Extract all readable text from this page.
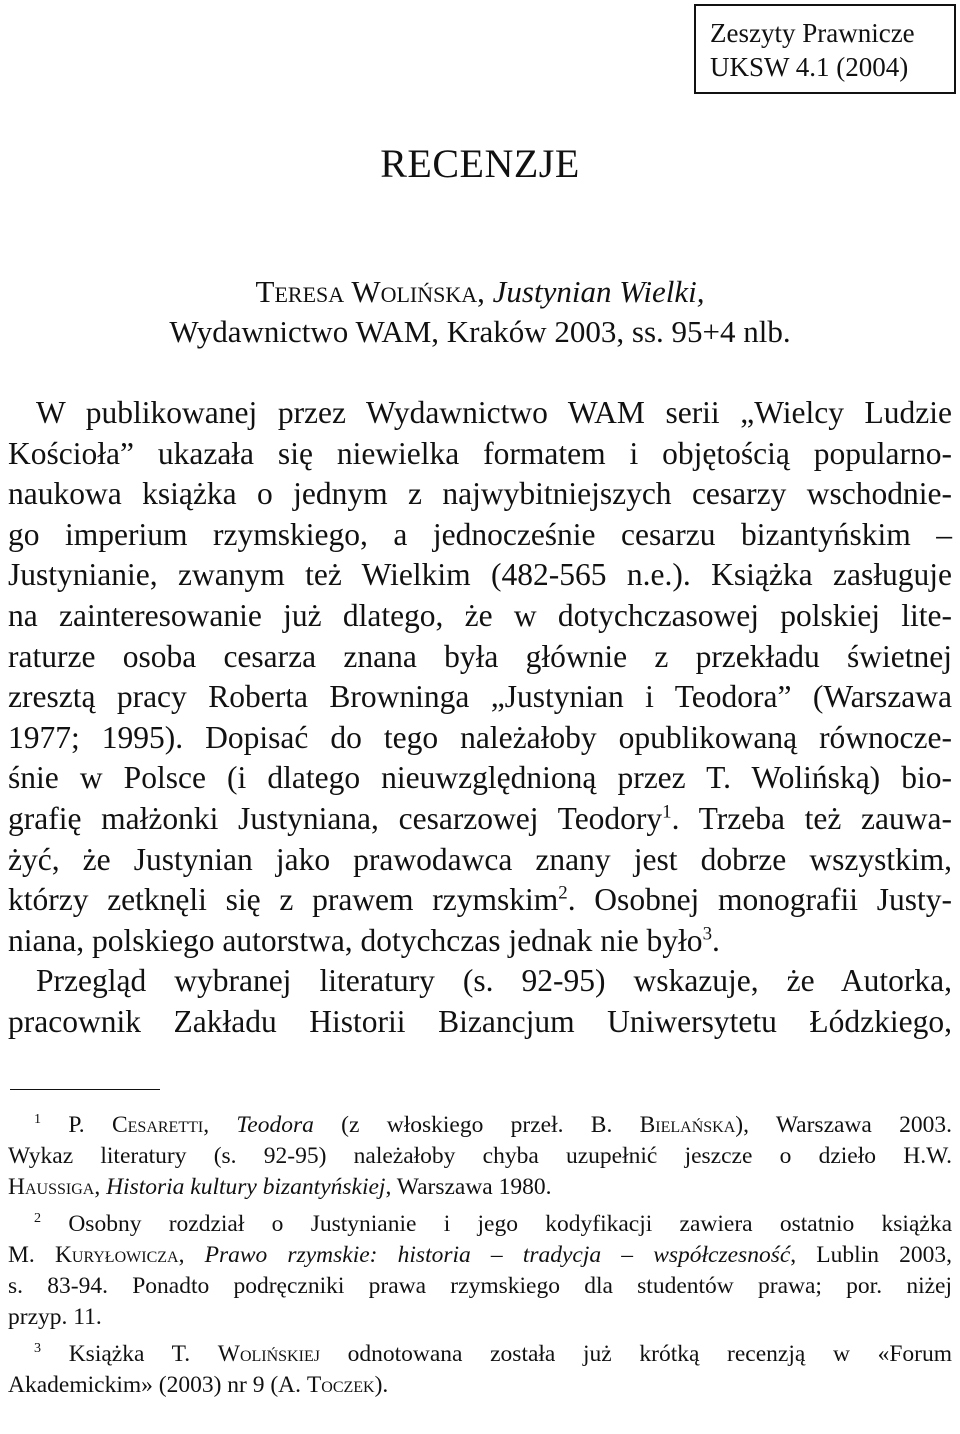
Zeszyty Prawnicze
UKSW 4.1 (2004)
RECENZJE
Teresa Wolińska, Justynian Wielki,
Wydawnictwo WAM, Kraków 2003, ss. 95+4 nlb.
W publikowanej przez Wydawnictwo WAM serii „Wielcy Ludzie
Kościoła” ukazała się niewielka formatem i objętością popularno-
naukowa książka o jednym z najwybitniejszych cesarzy wschodnie-
go imperium rzymskiego, a jednocześnie cesarzu bizantyńskim –
Justynianie, zwanym też Wielkim (482-565 n.e.). Książka zasługuje
na zainteresowanie już dlatego, że w dotychczasowej polskiej lite-
raturze osoba cesarza znana była głównie z przekładu świetnej
zresztą pracy Roberta Browninga „Justynian i Teodora” (Warszawa
1977; 1995). Dopisać do tego należałoby opublikowaną równocze-
śnie w Polsce (i dlatego nieuwzględnioną przez T. Wolińską) bio-
grafię małżonki Justyniana, cesarzowej Teodory$^1$. Trzeba też zauwa-
żyć, że Justynian jako prawodawca znany jest dobrze wszystkim,
którzy zetknęli się z prawem rzymskim$^2$. Osobnej monografii Justy-
niana, polskiego autorstwa, dotychczas jednak nie było$^3$.
Przegląd wybranej literatury (s. 92-95) wskazuje, że Autorka,
pracownik Zakładu Historii Bizancjum Uniwersytetu Łódzkiego,
$^1$ P. Cesaretti, Teodora (z włoskiego przeł. B. Bielańska), Warszawa 2003.
Wykaz literatury (s. 92-95) należałoby chyba uzupełnić jeszcze o dzieło H.W.
Haussiga, Historia kultury bizantyńskiej, Warszawa 1980.
$^2$ Osobny rozdział o Justynianie i jego kodyfikacji zawiera ostatnio książka
M. Kuryłowicza, Prawo rzymskie: historia – tradycja – współczesność, Lublin 2003,
s. 83-94. Ponadto podręczniki prawa rzymskiego dla studentów prawa; por. niżej
przyp. 11.
$^3$ Książka T. Wolińskiej odnotowana została już krótką recenzją w «Forum
Akademickim» (2003) nr 9 (A. Toczek).
